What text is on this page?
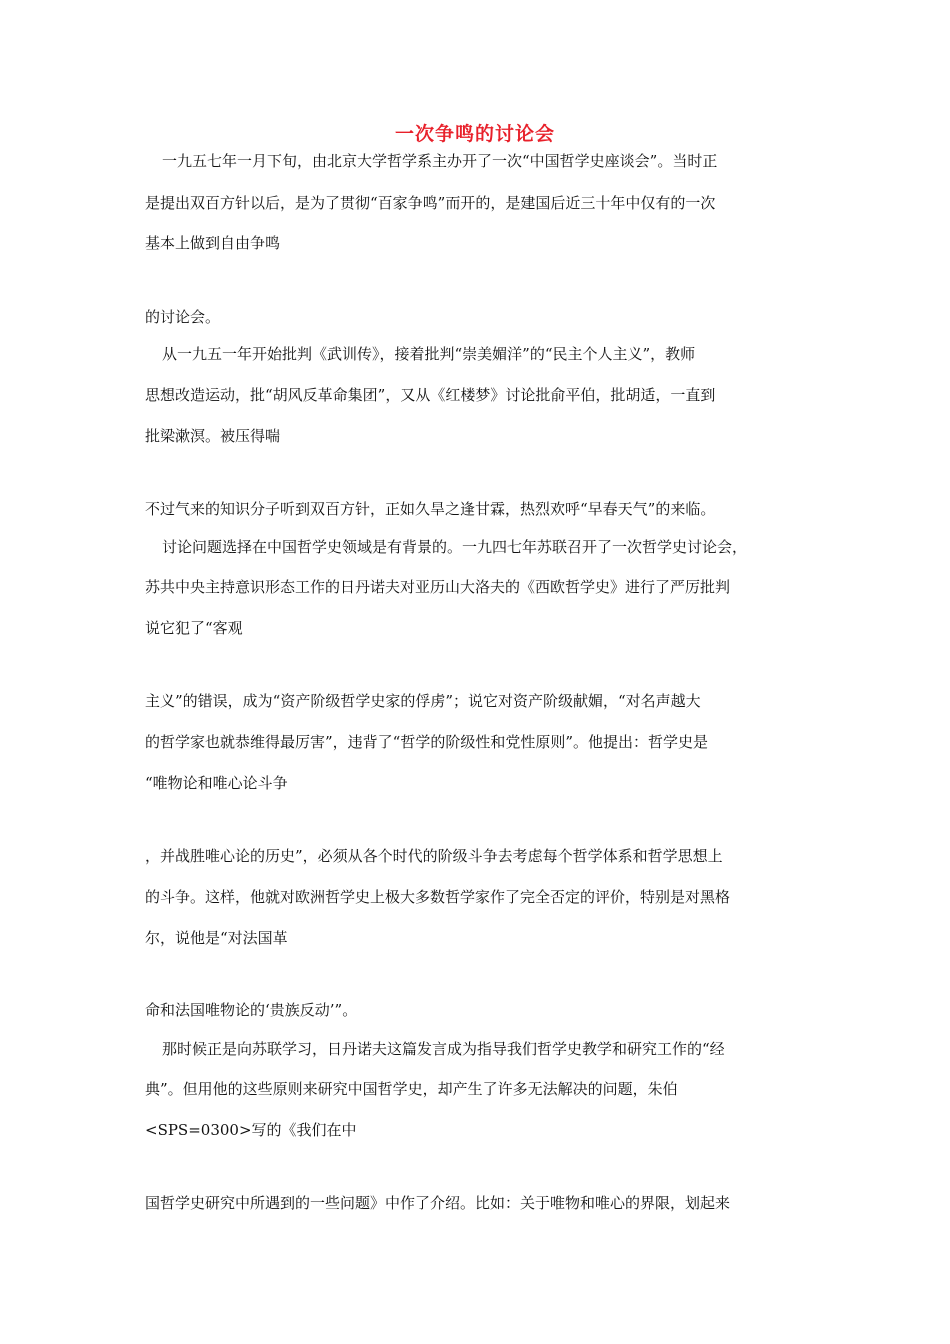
一次争鸣的讨论会
一九五七年一月下旬，由北京大学哲学系主办开了一次“中国哲学史座谈会”。当时正
是提出双百方针以后，是为了贯彻“百家争鸣”而开的，是建国后近三十年中仅有的一次
基本上做到自由争鸣
的讨论会。
从一九五一年开始批判《武训传》，接着批判“崇美媚洋”的“民主个人主义”，教师
思想改造运动，批“胡风反革命集团”，又从《红楼梦》讨论批俞平伯，批胡适，一直到
批梁漱溟。被压得喘
不过气来的知识分子听到双百方针，正如久旱之逢甘霖，热烈欢呼“早春天气”的来临。
讨论问题选择在中国哲学史领域是有背景的。一九四七年苏联召开了一次哲学史讨论会，
苏共中央主持意识形态工作的日丹诺夫对亚历山大洛夫的《西欧哲学史》进行了严厉批判
说它犯了“客观
主义”的错误，成为“资产阶级哲学史家的俘虏”；说它对资产阶级献媚，“对名声越大
的哲学家也就恭维得最厉害”，违背了“哲学的阶级性和党性原则”。他提出：哲学史是
“唯物论和唯心论斗争
，并战胜唯心论的历史”，必须从各个时代的阶级斗争去考虑每个哲学体系和哲学思想上
的斗争。这样，他就对欧洲哲学史上极大多数哲学家作了完全否定的评价，特别是对黑格
尔，说他是“对法国革
命和法国唯物论的‘贵族反动’”。
那时候正是向苏联学习，日丹诺夫这篇发言成为指导我们哲学史教学和研究工作的“经
典”。但用他的这些原则来研究中国哲学史，却产生了许多无法解决的问题，朱伯
<SPS=0300>写的《我们在中
国哲学史研究中所遇到的一些问题》中作了介绍。比如：关于唯物和唯心的界限，划起来
